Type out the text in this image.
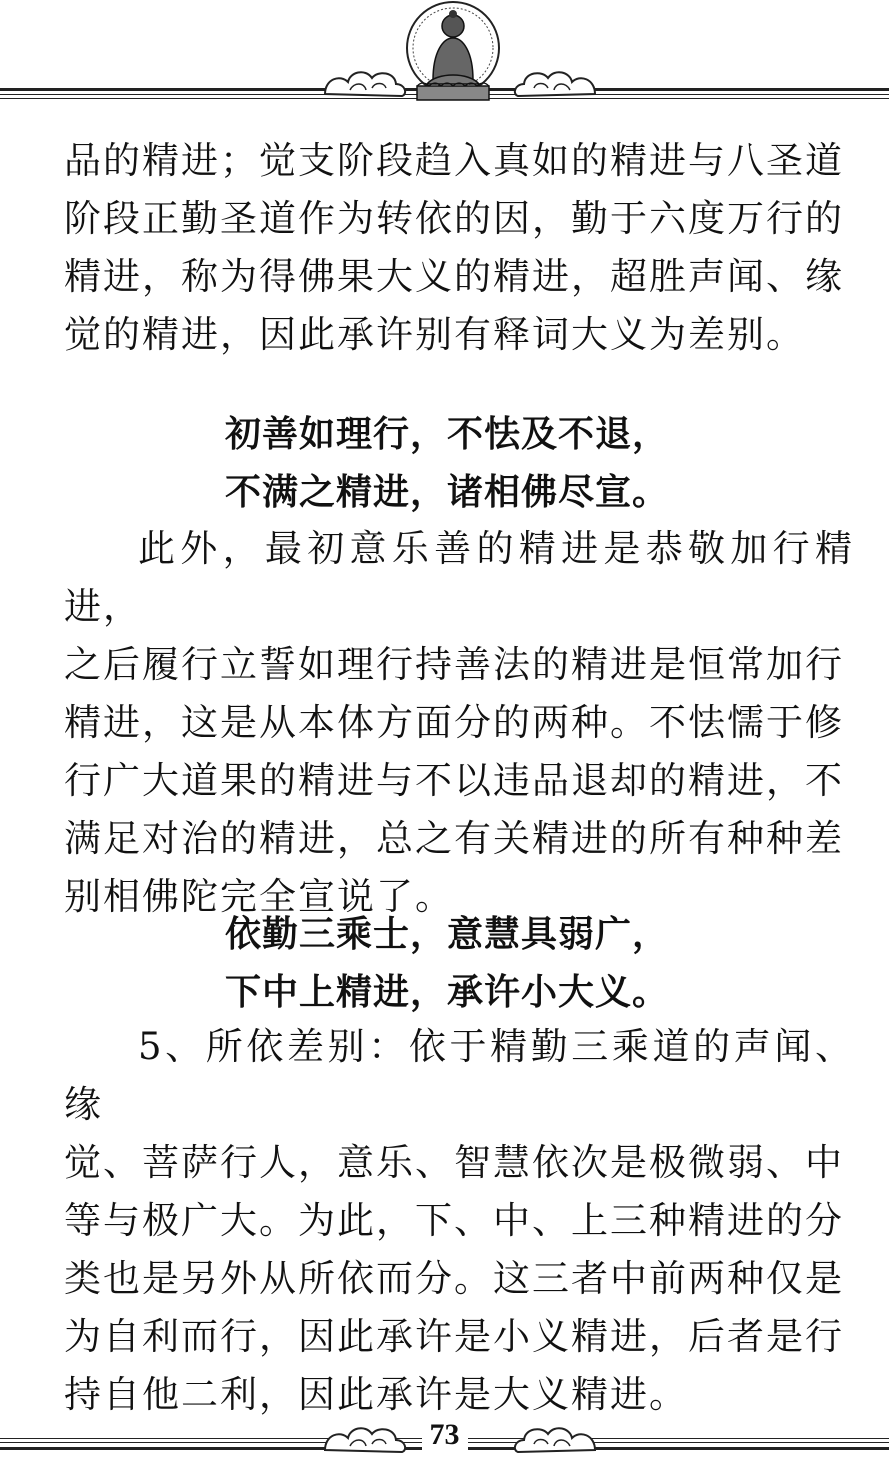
品的精进；觉支阶段趋入真如的精进与八圣道
阶段正勤圣道作为转依的因，勤于六度万行的
精进，称为得佛果大义的精进，超胜声闻、缘
觉的精进，因此承许别有释词大义为差别。

初善如理行，不怯及不退，
不满之精进，诸相佛尽宣。

此外，最初意乐善的精进是恭敬加行精进，
之后履行立誓如理行持善法的精进是恒常加行
精进，这是从本体方面分的两种。不怯懦于修
行广大道果的精进与不以违品退却的精进，不
满足对治的精进，总之有关精进的所有种种差
别相佛陀完全宣说了。

依勤三乘士，意慧具弱广，
下中上精进，承许小大义。

5、所依差别：依于精勤三乘道的声闻、缘
觉、菩萨行人，意乐、智慧依次是极微弱、中
等与极广大。为此，下、中、上三种精进的分
类也是另外从所依而分。这三者中前两种仅是
为自利而行，因此承许是小义精进，后者是行
持自他二利，因此承许是大义精进。

73
